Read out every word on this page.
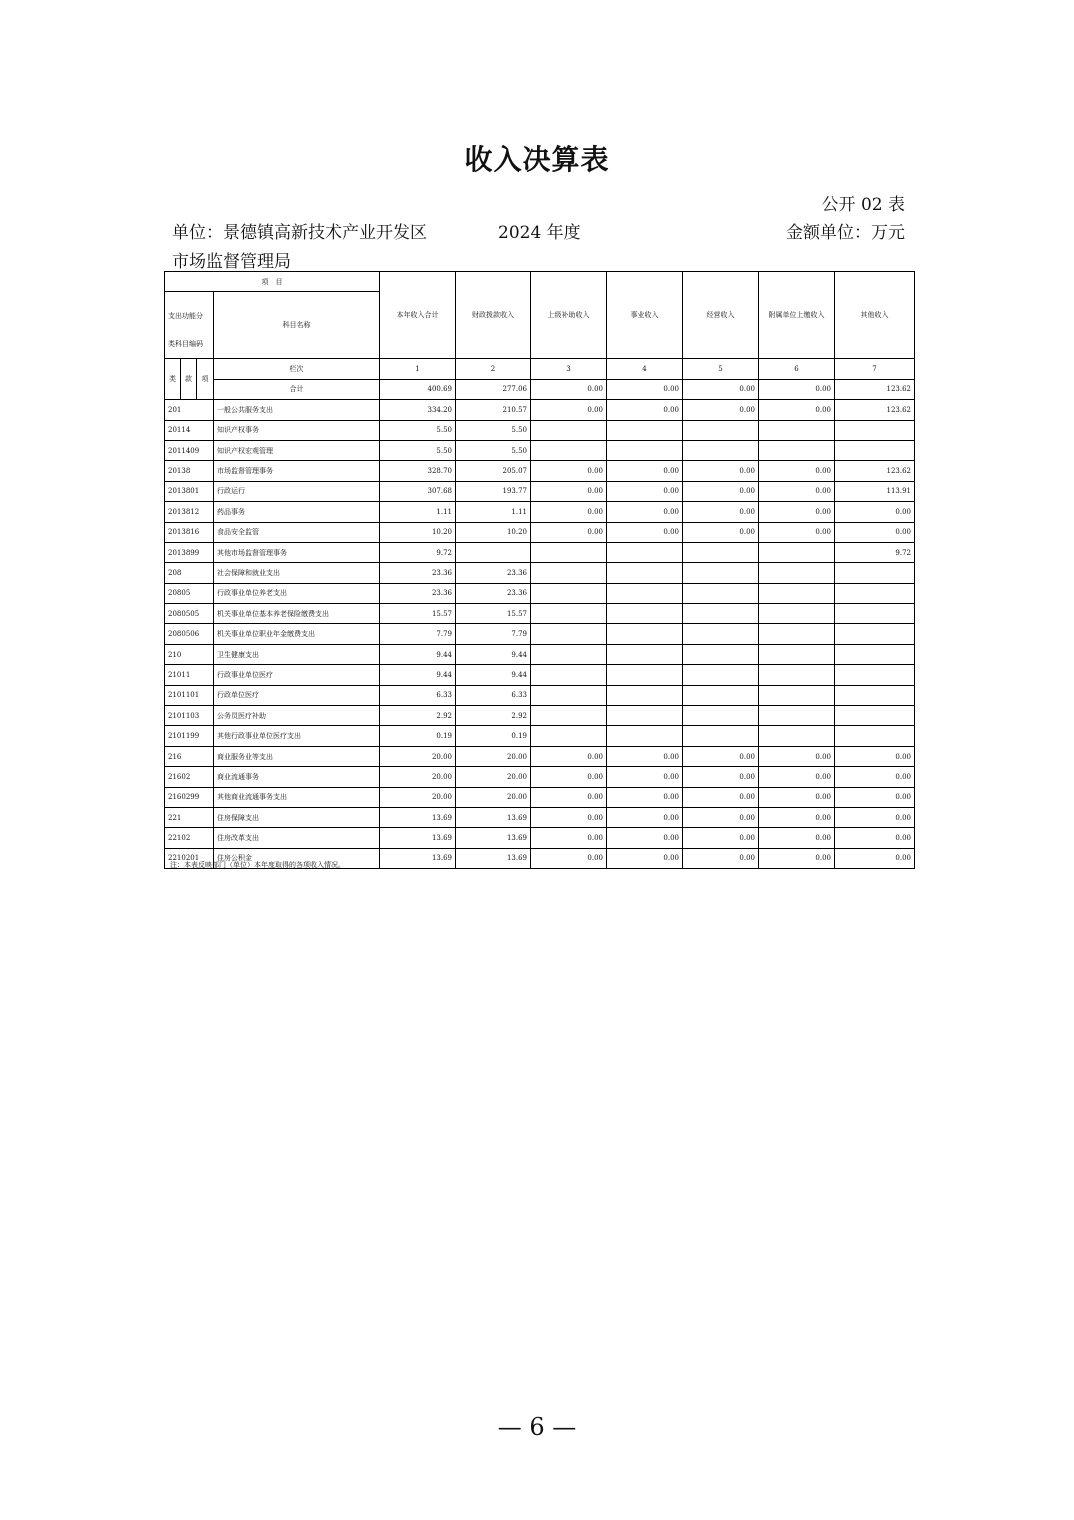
收入决算表
公开 02 表
单位：景德镇高新技术产业开发区
市场监督管理局
2024 年度	金额单位：万元
项　目				本年收入合计	财政拨款收入	上级补助收入	事业收入	经营收入	附属单位上缴收入	其他收入
支出功能分
类科目编码			科目名称							

类	款	项	栏次	1	2	3	4	5	6	7
			合计	400.69	277.06	0.00	0.00	0.00	0.00	123.62
201			一般公共服务支出	334.20	210.57	0.00	0.00	0.00	0.00	123.62
20114			知识产权事务	5.50	5.50					
2011409			知识产权宏观管理	5.50	5.50					
20138			市场监督管理事务	328.70	205.07	0.00	0.00	0.00	0.00	123.62
2013801			行政运行	307.68	193.77	0.00	0.00	0.00	0.00	113.91
2013812			药品事务	1.11	1.11	0.00	0.00	0.00	0.00	0.00
2013816			食品安全监管	10.20	10.20	0.00	0.00	0.00	0.00	0.00
2013899			其他市场监督管理事务	9.72						9.72
208			社会保障和就业支出	23.36	23.36					
20805			行政事业单位养老支出	23.36	23.36					
2080505			机关事业单位基本养老保险缴费支出	15.57	15.57					
2080506			机关事业单位职业年金缴费支出	7.79	7.79					
210			卫生健康支出	9.44	9.44					
21011			行政事业单位医疗	9.44	9.44					
2101101			行政单位医疗	6.33	6.33					
2101103			公务员医疗补助	2.92	2.92					
2101199			其他行政事业单位医疗支出	0.19	0.19					
216			商业服务业等支出	20.00	20.00	0.00	0.00	0.00	0.00	0.00
21602			商业流通事务	20.00	20.00	0.00	0.00	0.00	0.00	0.00
2160299			其他商业流通事务支出	20.00	20.00	0.00	0.00	0.00	0.00	0.00
221			住房保障支出	13.69	13.69	0.00	0.00	0.00	0.00	0.00
22102			住房改革支出	13.69	13.69	0.00	0.00	0.00	0.00	0.00
2210201			住房公积金	13.69	13.69	0.00	0.00	0.00	0.00	0.00
注：本表反映部门（单位）本年度取得的各项收入情况。
— 6 —
